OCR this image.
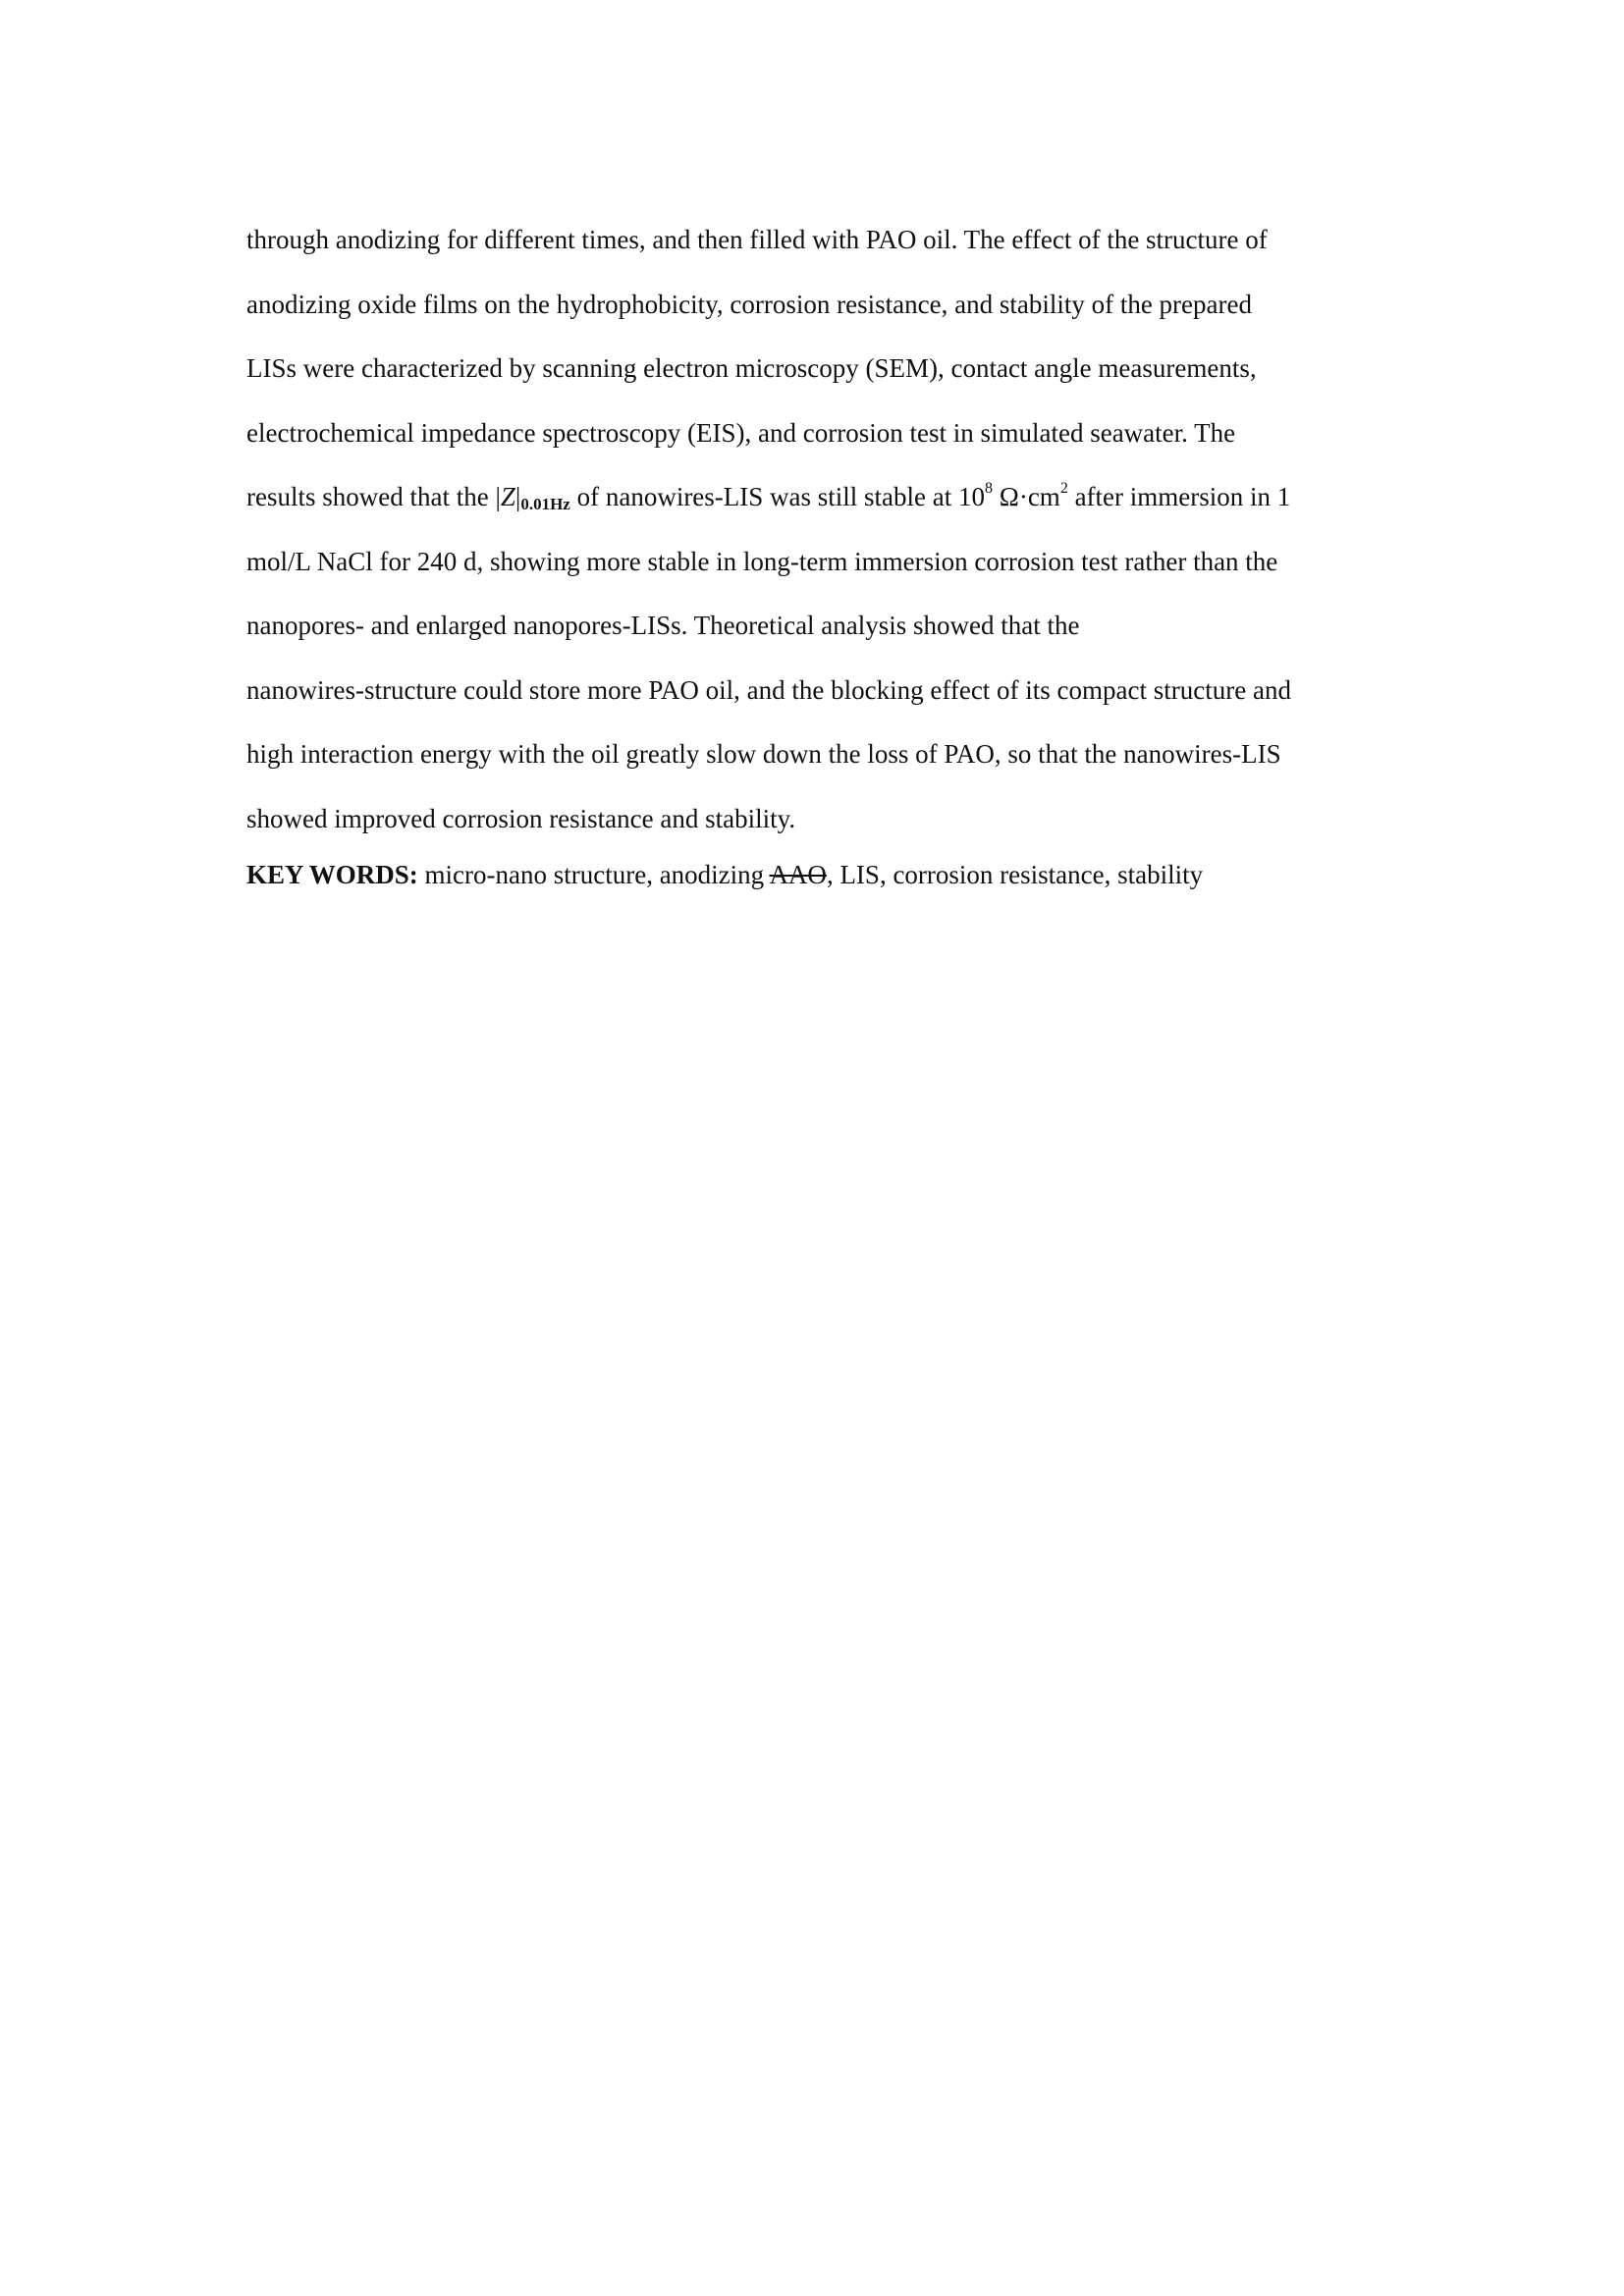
through anodizing for different times, and then filled with PAO oil. The effect of the structure of
anodizing oxide films on the hydrophobicity, corrosion resistance, and stability of the prepared
LISs were characterized by scanning electron microscopy (SEM), contact angle measurements,
electrochemical impedance spectroscopy (EIS), and corrosion test in simulated seawater. The
results showed that the |Z|0.01Hz of nanowires-LIS was still stable at $10^8$ $\Omega\cdot cm^2$ after immersion in 1
mol/L NaCl for 240 d, showing more stable in long-term immersion corrosion test rather than the
nanopores- and enlarged nanopores-LISs. Theoretical analysis showed that the
nanowires-structure could store more PAO oil, and the blocking effect of its compact structure and
high interaction energy with the oil greatly slow down the loss of PAO, so that the nanowires-LIS
showed improved corrosion resistance and stability.
KEY WORDS: micro-nano structure, anodizing AAO, LIS, corrosion resistance, stability
